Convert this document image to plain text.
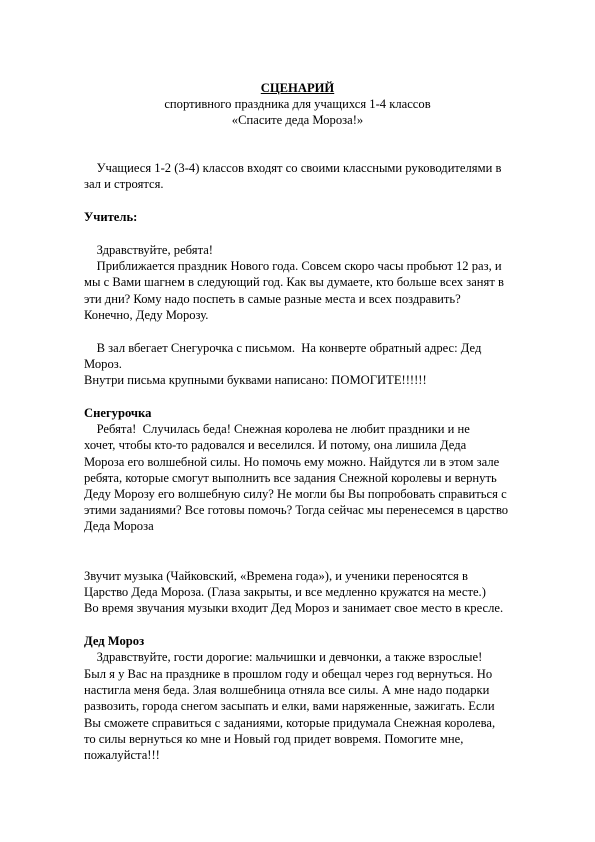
СЦЕНАРИЙ

спортивного праздника для учащихся 1-4 классов

«Спасите деда Мороза!»

Учащиеся 1-2 (3-4) классов входят со своими классными руководителями в

зал и строятся.

Учитель:

Здравствуйте, ребята!

Приближается праздник Нового года. Совсем скоро часы пробьют 12 раз, и

мы с Вами шагнем в следующий год. Как вы думаете, кто больше всех занят в

эти дни? Кому надо поспеть в самые разные места и всех поздравить?

Конечно, Деду Морозу.

В зал вбегает Снегурочка с письмом.  На конверте обратный адрес: Дед

Мороз.

Внутри письма крупными буквами написано: ПОМОГИТЕ!!!!!!

Снегурочка

Ребята!  Случилась беда! Снежная королева не любит праздники и не

хочет, чтобы кто-то радовался и веселился. И потому, она лишила Деда

Мороза его волшебной силы. Но помочь ему можно. Найдутся ли в этом зале

ребята, которые смогут выполнить все задания Снежной королевы и вернуть

Деду Морозу его волшебную силу? Не могли бы Вы попробовать справиться с

этими заданиями? Все готовы помочь? Тогда сейчас мы перенесемся в царство

Деда Мороза

Звучит музыка (Чайковский, «Времена года»), и ученики переносятся в

Царство Деда Мороза. (Глаза закрыты, и все медленно кружатся на месте.)

Во время звучания музыки входит Дед Мороз и занимает свое место в кресле.

Дед Мороз

Здравствуйте, гости дорогие: мальчишки и девчонки, а также взрослые!

Был я у Вас на празднике в прошлом году и обещал через год вернуться. Но

настигла меня беда. Злая волшебница отняла все силы. А мне надо подарки

развозить, города снегом засыпать и елки, вами наряженные, зажигать. Если

Вы сможете справиться с заданиями, которые придумала Снежная королева,

то силы вернуться ко мне и Новый год придет вовремя. Помогите мне,

пожалуйста!!!
